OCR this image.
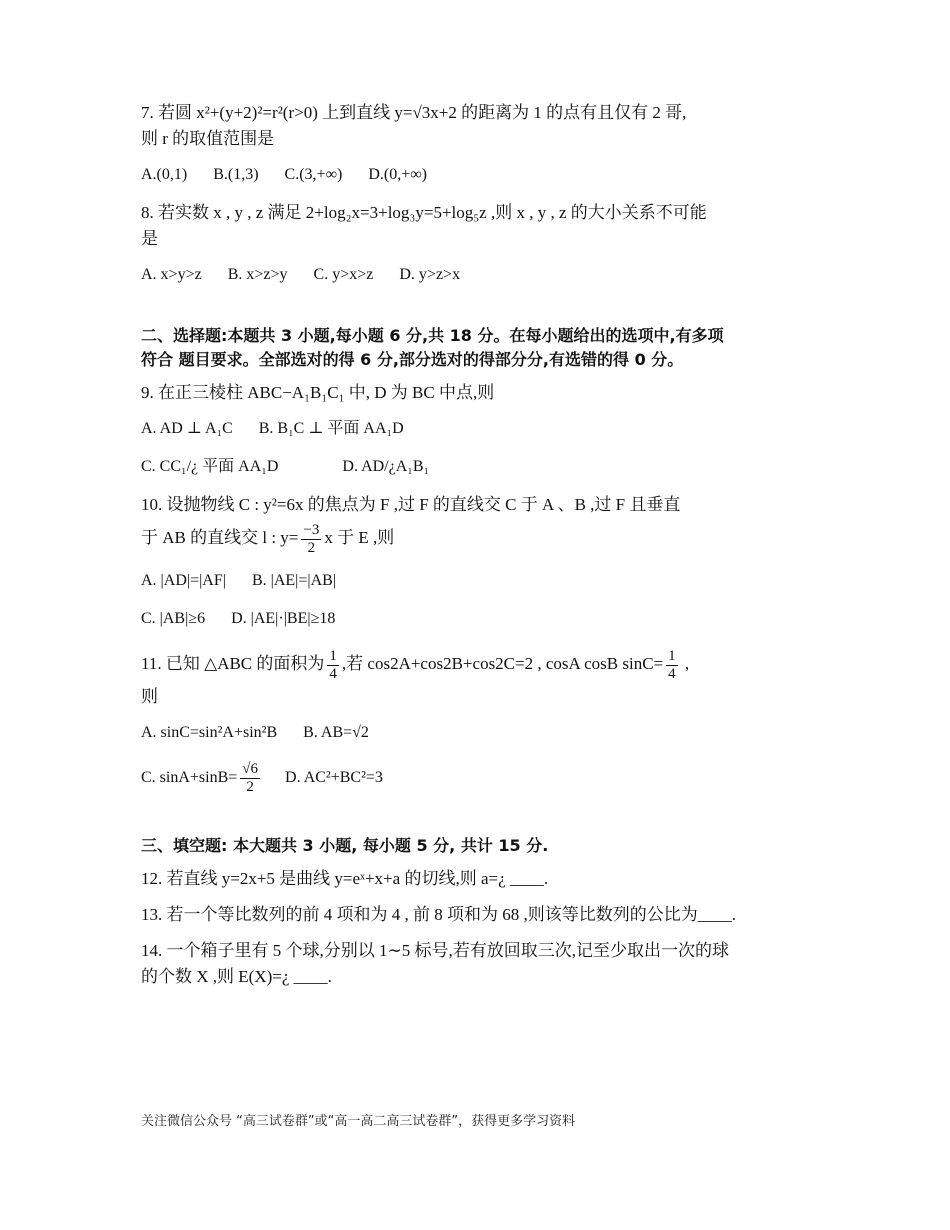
7. 若圆 x²+(y+2)²=r²(r>0) 上到直线 y=√3x+2 的距离为 1 的点有且仅有 2 哥,
则 r 的取值范围是
A.(0,1) B.(1,3) C.(3,+∞) D.(0,+∞)
8. 若实数 x , y , z 满足 2+log₂x=3+log₃y=5+log₅z ,则 x , y , z 的大小关系不可能
是
A. x>y>z B. x>z>y C. y>x>z D. y>z>x
二、选择题:本题共 3 小题,每小题 6 分,共 18 分。在每小题给出的选项中,有多项
符合 题目要求。全部选对的得 6 分,部分选对的得部分分,有选错的得 0 分。
9. 在正三棱柱 ABC−A₁B₁C₁ 中, D 为 BC 中点,则
A. AD ⊥ A₁C B. B₁C ⊥ 平面 AA₁D
C. CC₁/¿ 平面 AA₁D	D. AD/¿A₁B₁
10. 设抛物线 C : y²=6x 的焦点为 F ,过 F 的直线交 C 于 A 、B ,过 F 且垂直
于 AB 的直线交 l : $y= \frac{-3}{2}$ x 于 E ,则
A. |AD|=|AF| B. |AE|=|AB|
C. |AB|≥6 D. |AE|·|BE|≥18
11. 已知 △ABC 的面积为 $\frac{1}{4}$ ,若 cos2A+cos2B+cos2C=2 , cosA cosB $\sin C= \frac{1}{4}$ ,
则
A. sinC=sin²A+sin²B B. AB=√2
C. $\sin A+\sin B= \frac{√6}{2} D$. AC²+BC²=3
三、填空题: 本大题共 3 小题, 每小题 5 分, 共计 15 分.
12. 若直线 y=2x+5 是曲线 y=eˣ+x+a 的切线,则 a=¿ ____.
13. 若一个等比数列的前 4 项和为 4 , 前 8 项和为 68 ,则该等比数列的公比为____.
14. 一个箱子里有 5 个球,分别以 1∼5 标号,若有放回取三次,记至少取出一次的球
的个数 X ,则 E(X)=¿ ____.
关注微信公众号 “高三试卷群”或“高一高二高三试卷群”，获得更多学习资料
